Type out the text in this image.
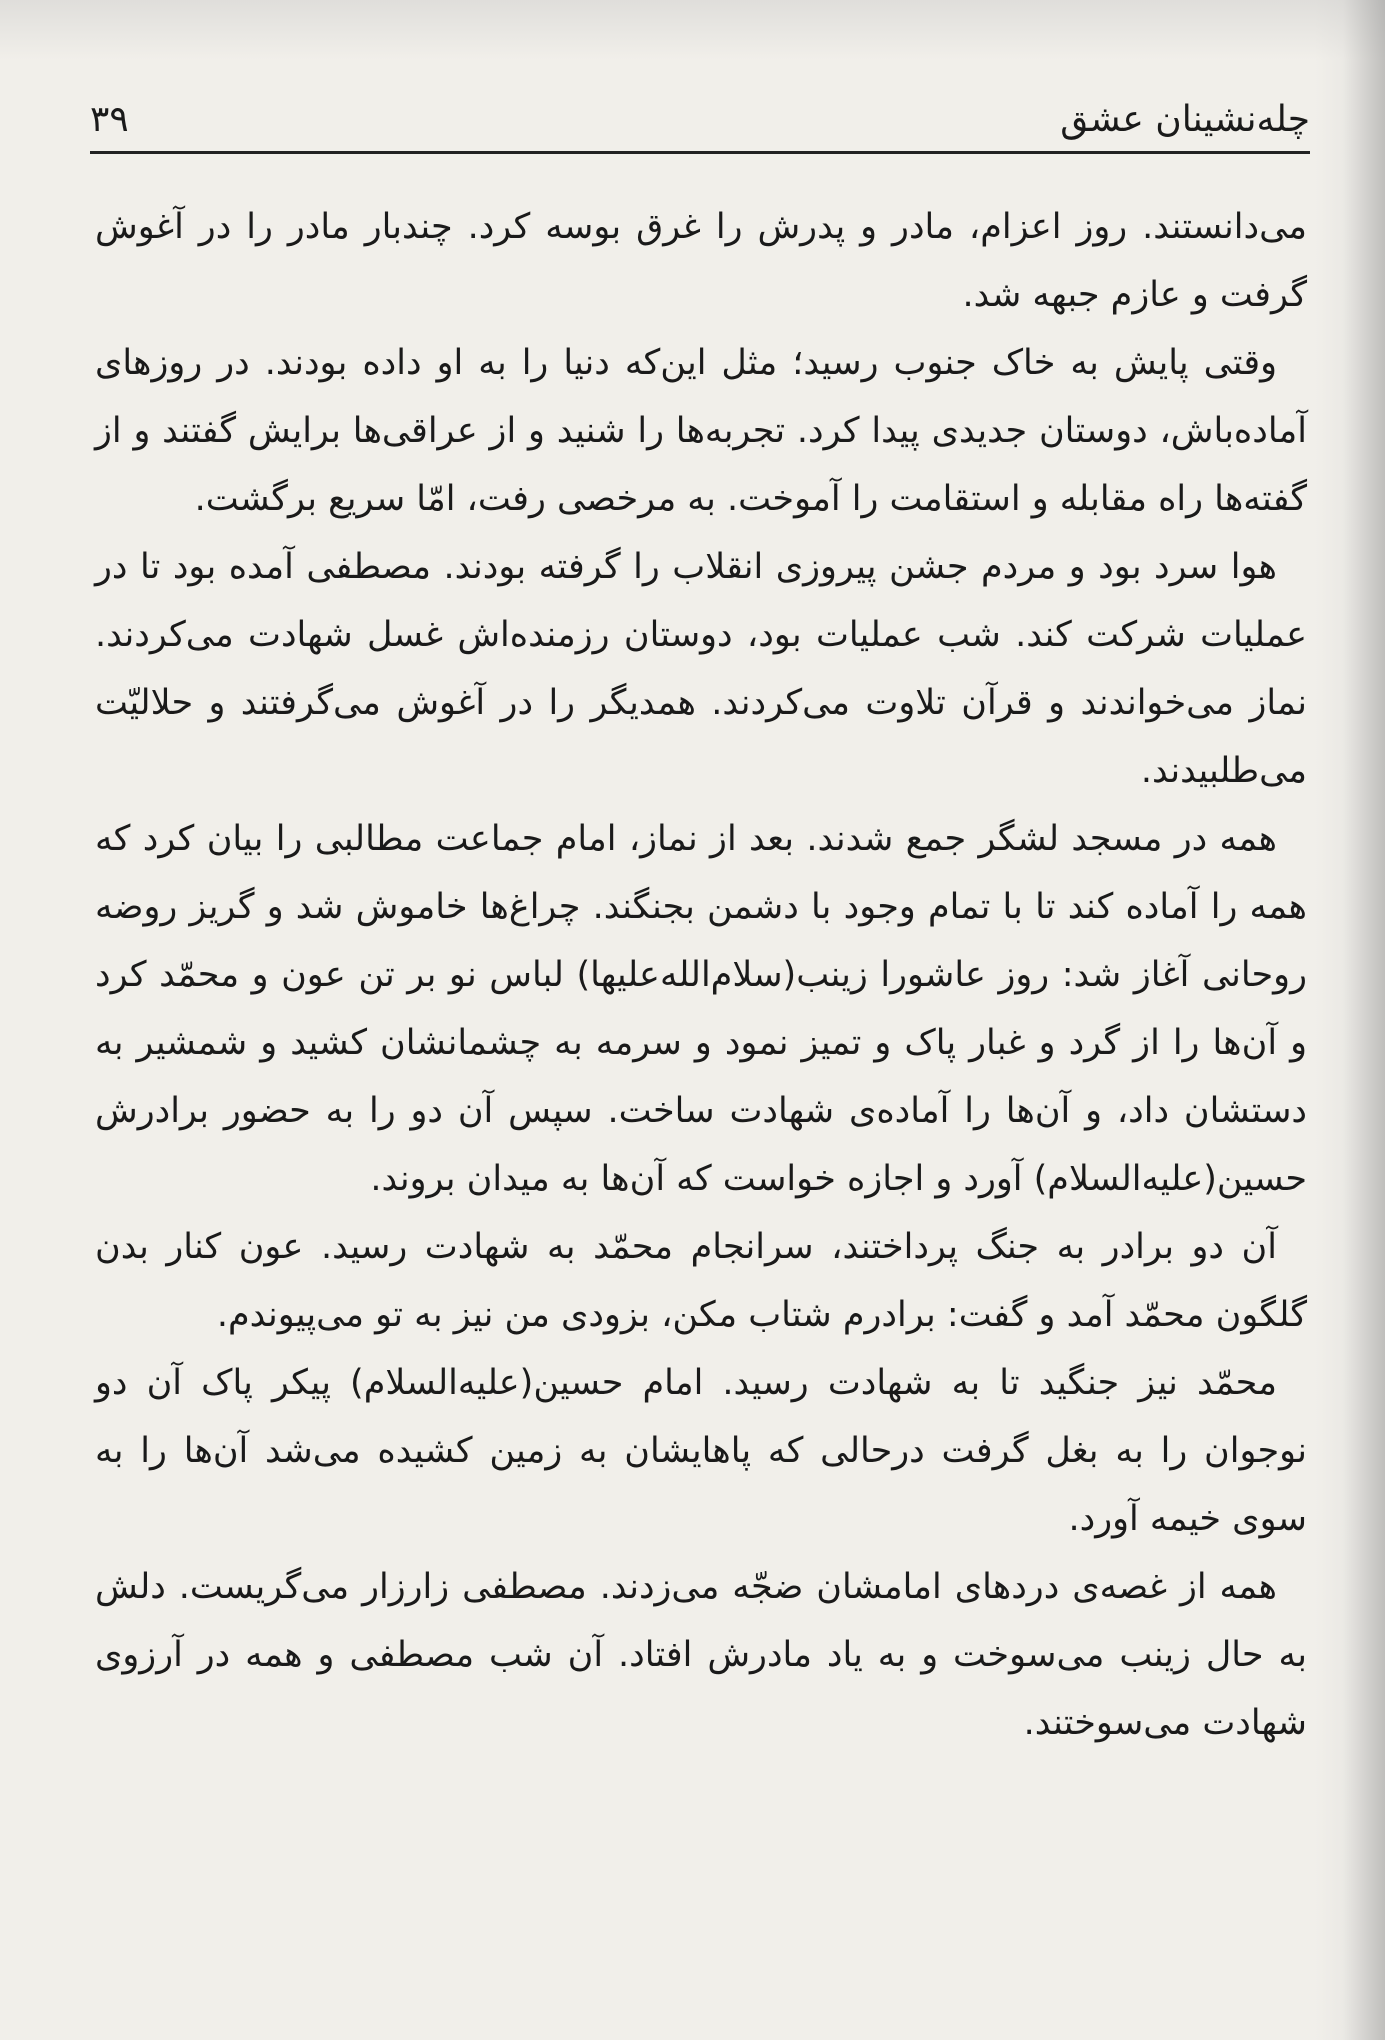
چله‌نشینان عشق
۳۹

می‌دانستند. روز اعزام، مادر و پدرش را غرق بوسه کرد. چندبار مادر را در آغوش گرفت و عازم جبهه شد.

وقتی پایش به خاک جنوب رسید؛ مثل این‌که دنیا را به او داده بودند. در روزهای آماده‌باش، دوستان جدیدی پیدا کرد. تجربه‌ها را شنید و از عراقی‌ها برایش گفتند و از گفته‌ها راه مقابله و استقامت را آموخت. به مرخصی رفت، امّا سریع برگشت.

هوا سرد بود و مردم جشن پیروزی انقلاب را گرفته بودند. مصطفی آمده بود تا در عملیات شرکت کند. شب عملیات بود، دوستان رزمنده‌اش غسل شهادت می‌کردند. نماز می‌خواندند و قرآن تلاوت می‌کردند. همدیگر را در آغوش می‌گرفتند و حلالیّت می‌طلبیدند.

همه در مسجد لشگر جمع شدند. بعد از نماز، امام جماعت مطالبی را بیان کرد که همه را آماده کند تا با تمام وجود با دشمن بجنگند. چراغ‌ها خاموش شد و گریز روضه روحانی آغاز شد: روز عاشورا زینب(سلام‌الله‌علیها) لباس نو بر تن عون و محمّد کرد و آن‌ها را از گرد و غبار پاک و تمیز نمود و سرمه به چشمانشان کشید و شمشیر به دستشان داد، و آن‌ها را آماده‌ی شهادت ساخت. سپس آن دو را به حضور برادرش حسین(علیه‌السلام) آورد و اجازه خواست که آن‌ها به میدان بروند.

آن دو برادر به جنگ پرداختند، سرانجام محمّد به شهادت رسید. عون کنار بدن گلگون محمّد آمد و گفت: برادرم شتاب مکن، بزودی من نیز به تو می‌پیوندم.

محمّد نیز جنگید تا به شهادت رسید. امام حسین(علیه‌السلام) پیکر پاک آن دو نوجوان را به بغل گرفت درحالی که پاهایشان به زمین کشیده می‌شد آن‌ها را به سوی خیمه آورد.

همه از غصه‌ی دردهای امامشان ضجّه می‌زدند. مصطفی زارزار می‌گریست. دلش به حال زینب می‌سوخت و به یاد مادرش افتاد. آن شب مصطفی و همه در آرزوی شهادت می‌سوختند.
